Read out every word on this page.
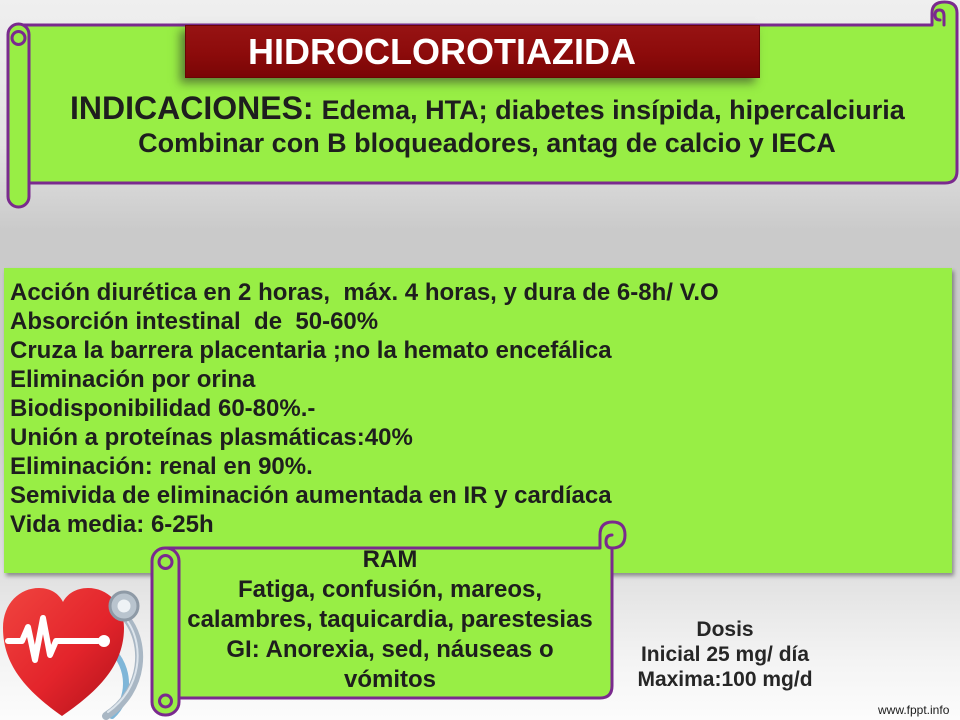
HIDROCLOROTIAZIDA
INDICACIONES: Edema, HTA; diabetes insípida, hipercalciuria
Combinar con B bloqueadores, antag de calcio y IECA
Acción diurética en 2 horas,  máx. 4 horas, y dura de 6-8h/ V.O
Absorción intestinal  de  50-60%
Cruza la barrera placentaria ;no la hemato encefálica
Eliminación por orina
Biodisponibilidad 60-80%.-
Unión a proteínas plasmáticas:40%
Eliminación: renal en 90%.
Semivida de eliminación aumentada en IR y cardíaca
Vida media: 6-25h
RAM
Fatiga, confusión, mareos,
calambres, taquicardia, parestesias
GI: Anorexia, sed, náuseas o
vómitos
Dosis
Inicial 25 mg/ día
Maxima:100 mg/d
www.fppt.info
